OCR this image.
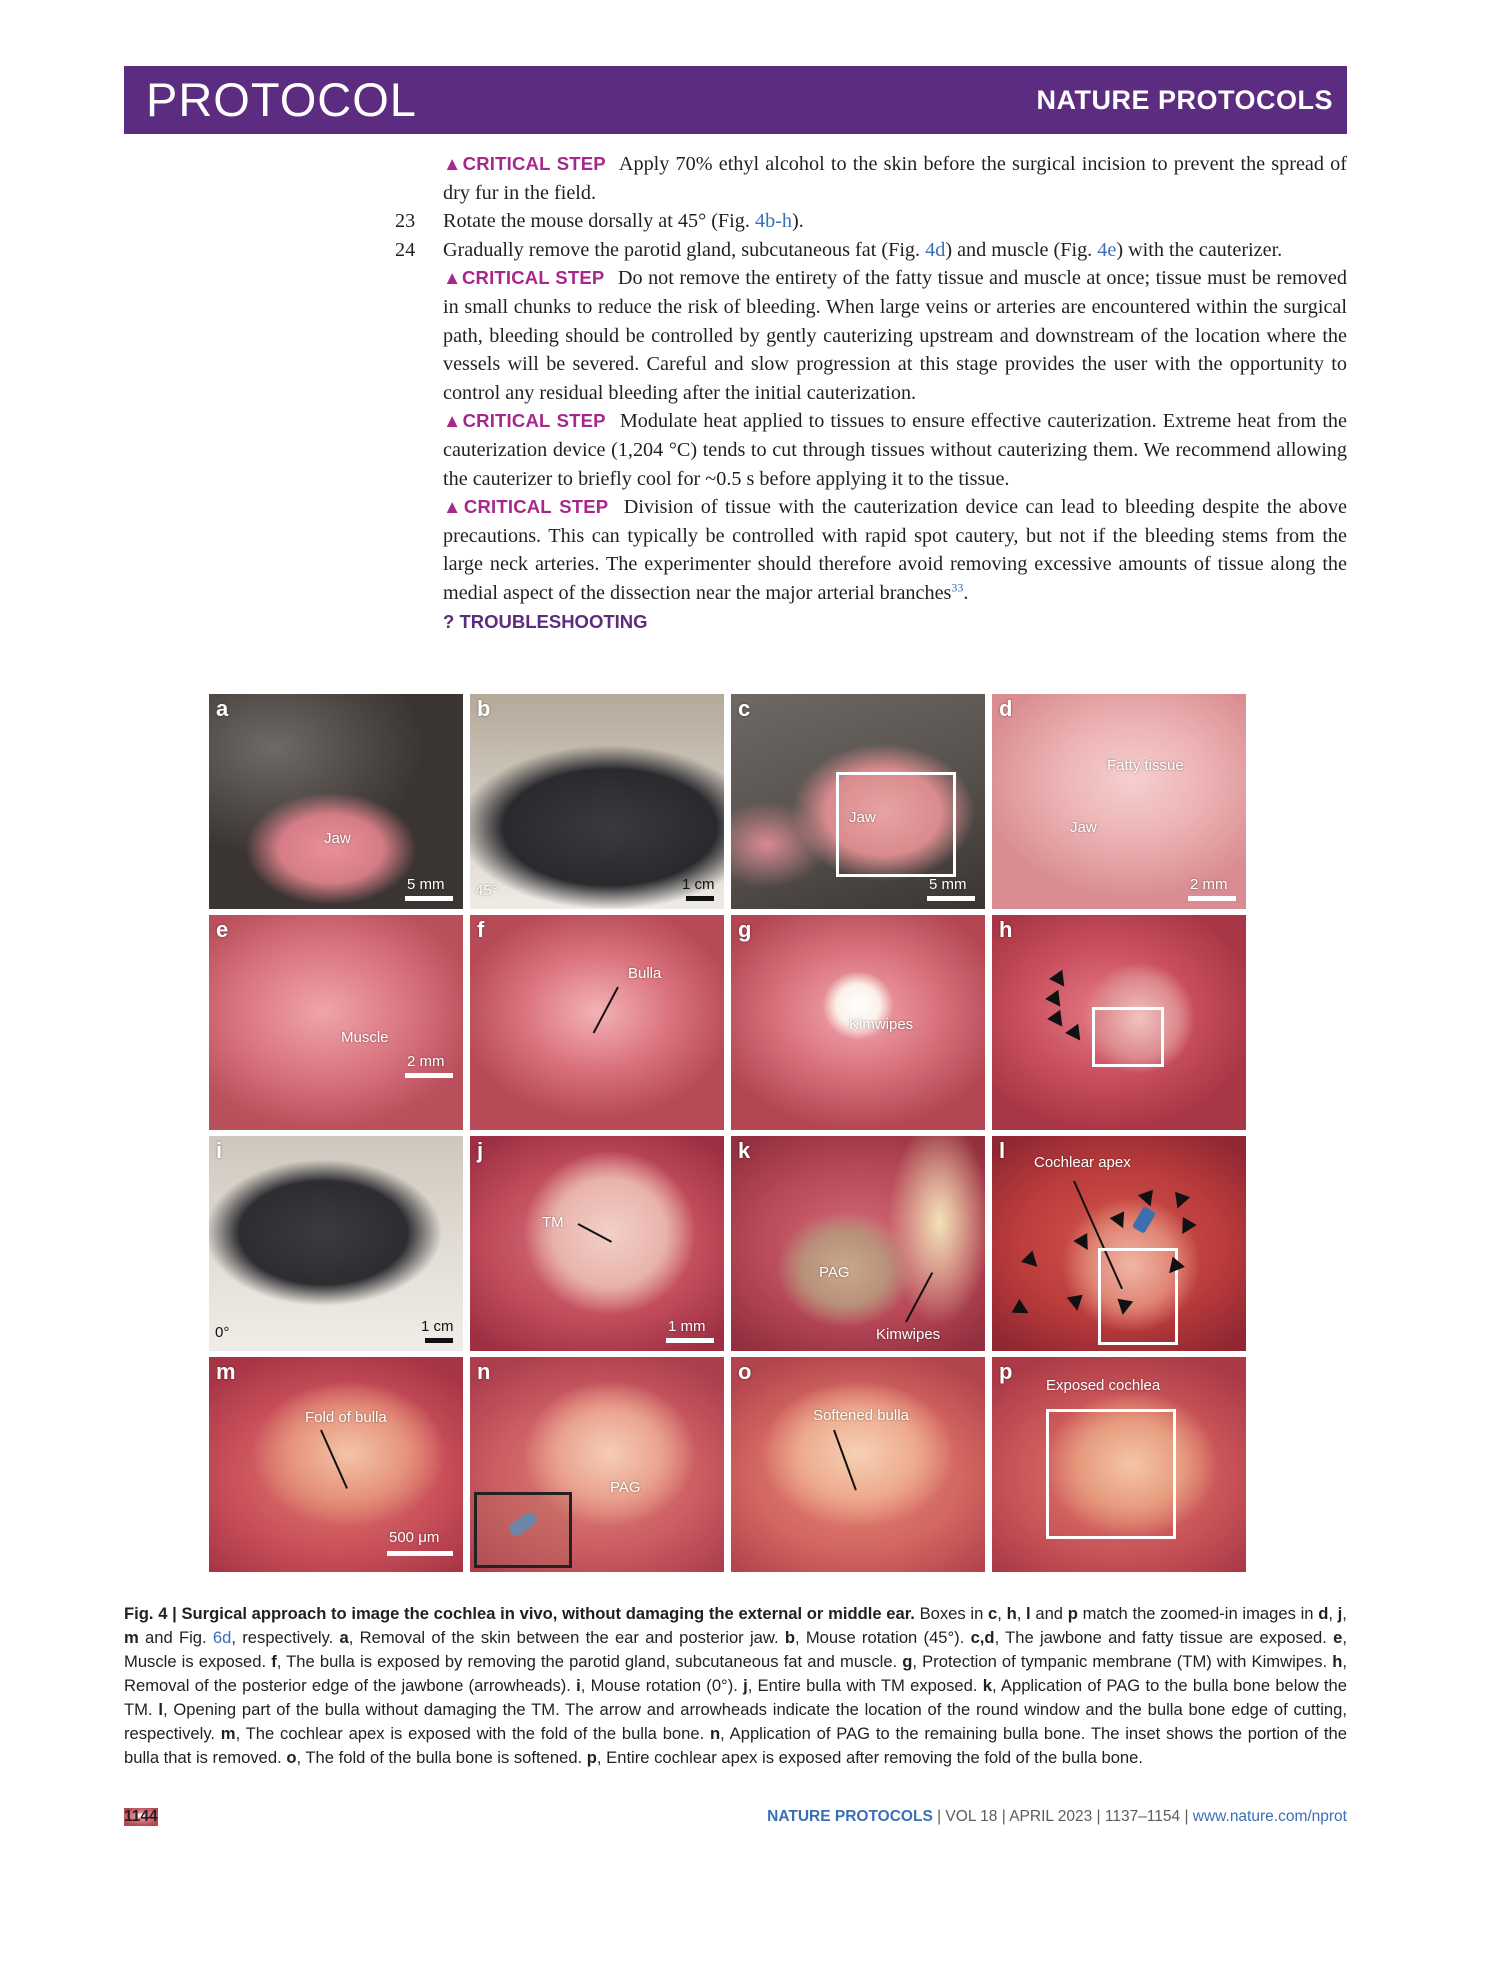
PROTOCOL	NATURE PROTOCOLS
▲CRITICAL STEP Apply 70% ethyl alcohol to the skin before the surgical incision to prevent the spread of dry fur in the field.
23	Rotate the mouse dorsally at 45° (Fig. 4b-h).
24	Gradually remove the parotid gland, subcutaneous fat (Fig. 4d) and muscle (Fig. 4e) with the cauterizer.
▲CRITICAL STEP Do not remove the entirety of the fatty tissue and muscle at once; tissue must be removed in small chunks to reduce the risk of bleeding. When large veins or arteries are encountered within the surgical path, bleeding should be controlled by gently cauterizing upstream and downstream of the location where the vessels will be severed. Careful and slow progression at this stage provides the user with the opportunity to control any residual bleeding after the initial cauterization.
▲CRITICAL STEP Modulate heat applied to tissues to ensure effective cauterization. Extreme heat from the cauterization device (1,204 °C) tends to cut through tissues without cauterizing them. We recommend allowing the cauterizer to briefly cool for ~0.5 s before applying it to the tissue.
▲CRITICAL STEP Division of tissue with the cauterization device can lead to bleeding despite the above precautions. This can typically be controlled with rapid spot cautery, but not if the bleeding stems from the large neck arteries. The experimenter should therefore avoid removing excessive amounts of tissue along the medial aspect of the dissection near the major arterial branches$^{33}$.
? TROUBLESHOOTING
a
Jaw
5 mm
b
45°	1 cm
c
Jaw
5 mm
d
Fatty tissue
Jaw
2 mm
e
Muscle
2 mm
f
Bulla
g
Kimwipes
h
i
0°	1 cm
j
TM
1 mm
k
PAG
Kimwipes
l Cochlear apex
m
Fold of bulla
500 μm
n
PAG
o
Softened bulla
p
Exposed cochlea
Fig. 4 | Surgical approach to image the cochlea in vivo, without damaging the external or middle ear. Boxes in c, h, l and p match the zoomed-in images in d, j, m and Fig. 6d, respectively. a, Removal of the skin between the ear and posterior jaw. b, Mouse rotation (45°). c,d, The jawbone and fatty tissue are exposed. e, Muscle is exposed. f, The bulla is exposed by removing the parotid gland, subcutaneous fat and muscle. g, Protection of tympanic membrane (TM) with Kimwipes. h, Removal of the posterior edge of the jawbone (arrowheads). i, Mouse rotation (0°). j, Entire bulla with TM exposed. k, Application of PAG to the bulla bone below the TM. l, Opening part of the bulla without damaging the TM. The arrow and arrowheads indicate the location of the round window and the bulla bone edge of cutting, respectively. m, The cochlear apex is exposed with the fold of the bulla bone. n, Application of PAG to the remaining bulla bone. The inset shows the portion of the bulla that is removed. o, The fold of the bulla bone is softened. p, Entire cochlear apex is exposed after removing the fold of the bulla bone.
1144	NATURE PROTOCOLS | VOL 18 | APRIL 2023 | 1137–1154 | www.nature.com/nprot
